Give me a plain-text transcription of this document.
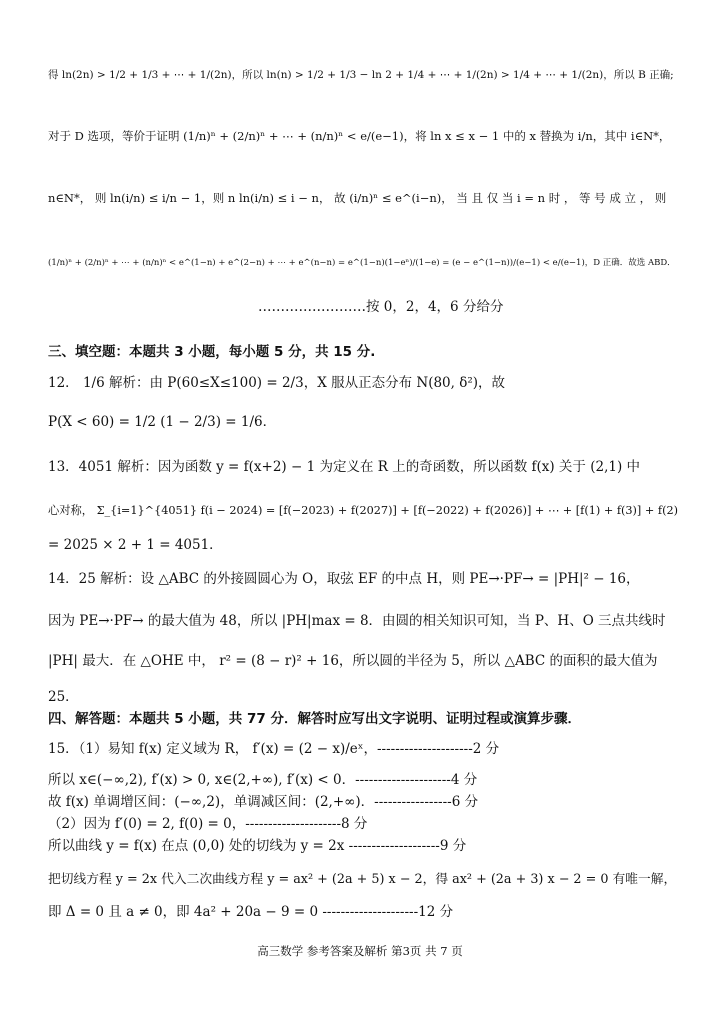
得 ln(2n) > 1/2 + 1/3 + ⋯ + 1/(2n)，所以 ln(n) > 1/2 + 1/3 − ln 2 + 1/4 + ⋯ + 1/(2n) > 1/4 + ⋯ + 1/(2n)，所以 B 正确;
对于 D 选项，等价于证明 (1/n)ⁿ + (2/n)ⁿ + ⋯ + (n/n)ⁿ < e/(e−1)，将 ln x ≤ x − 1 中的 x 替换为 i/n，其中 i∈N*，
n∈N*， 则 ln(i/n) ≤ i/n − 1，则 n ln(i/n) ≤ i − n， 故 (i/n)ⁿ ≤ e^(i−n)， 当 且 仅 当 i = n 时 ， 等 号 成 立 ， 则
(1/n)ⁿ + (2/n)ⁿ + ⋯ + (n/n)ⁿ < e^(1−n) + e^(2−n) + ⋯ + e^(n−n) = e^(1−n)(1−eⁿ)/(1−e) = (e − e^(1−n))/(e−1) < e/(e−1)，D 正确．故选 ABD．
……………………按 0，2，4，6 分给分
三、填空题：本题共 3 小题，每小题 5 分，共 15 分.
12． 1/6 解析：由 P(60≤X≤100) = 2/3，X 服从正态分布 N(80, δ²)，故
P(X < 60) = 1/2 (1 − 2/3) = 1/6．
13．4051 解析：因为函数 y = f(x+2) − 1 为定义在 R 上的奇函数，所以函数 f(x) 关于 (2,1) 中
心对称， Σ_{i=1}^{4051} f(i − 2024) = [f(−2023) + f(2027)] + [f(−2022) + f(2026)] + ⋯ + [f(1) + f(3)] + f(2)
= 2025 × 2 + 1 = 4051．
14．25 解析：设 △ABC 的外接圆圆心为 O，取弦 EF 的中点 H，则 PE→·PF→ = |PH|² − 16，
因为 PE→·PF→ 的最大值为 48，所以 |PH|max = 8．由圆的相关知识可知，当 P、H、O 三点共线时
|PH| 最大．在 △OHE 中， r² = (8 − r)² + 16，所以圆的半径为 5，所以 △ABC 的面积的最大值为
25．
四、解答题：本题共 5 小题，共 77 分．解答时应写出文字说明、证明过程或演算步骤．
15．（1）易知 f(x) 定义域为 R， f′(x) = (2 − x)/eˣ，---------------------2 分
所以 x∈(−∞,2), f′(x) > 0, x∈(2,+∞), f′(x) < 0．---------------------4 分
故 f(x) 单调增区间：(−∞,2)，单调减区间：(2,+∞)．-----------------6 分
（2）因为 f′(0) = 2, f(0) = 0，---------------------8 分
所以曲线 y = f(x) 在点 (0,0) 处的切线为 y = 2x --------------------9 分
把切线方程 y = 2x 代入二次曲线方程 y = ax² + (2a + 5) x − 2，得 ax² + (2a + 3) x − 2 = 0 有唯一解，
即 Δ = 0 且 a ≠ 0，即 4a² + 20a − 9 = 0 ---------------------12 分
高三数学 参考答案及解析 第3页 共 7 页
